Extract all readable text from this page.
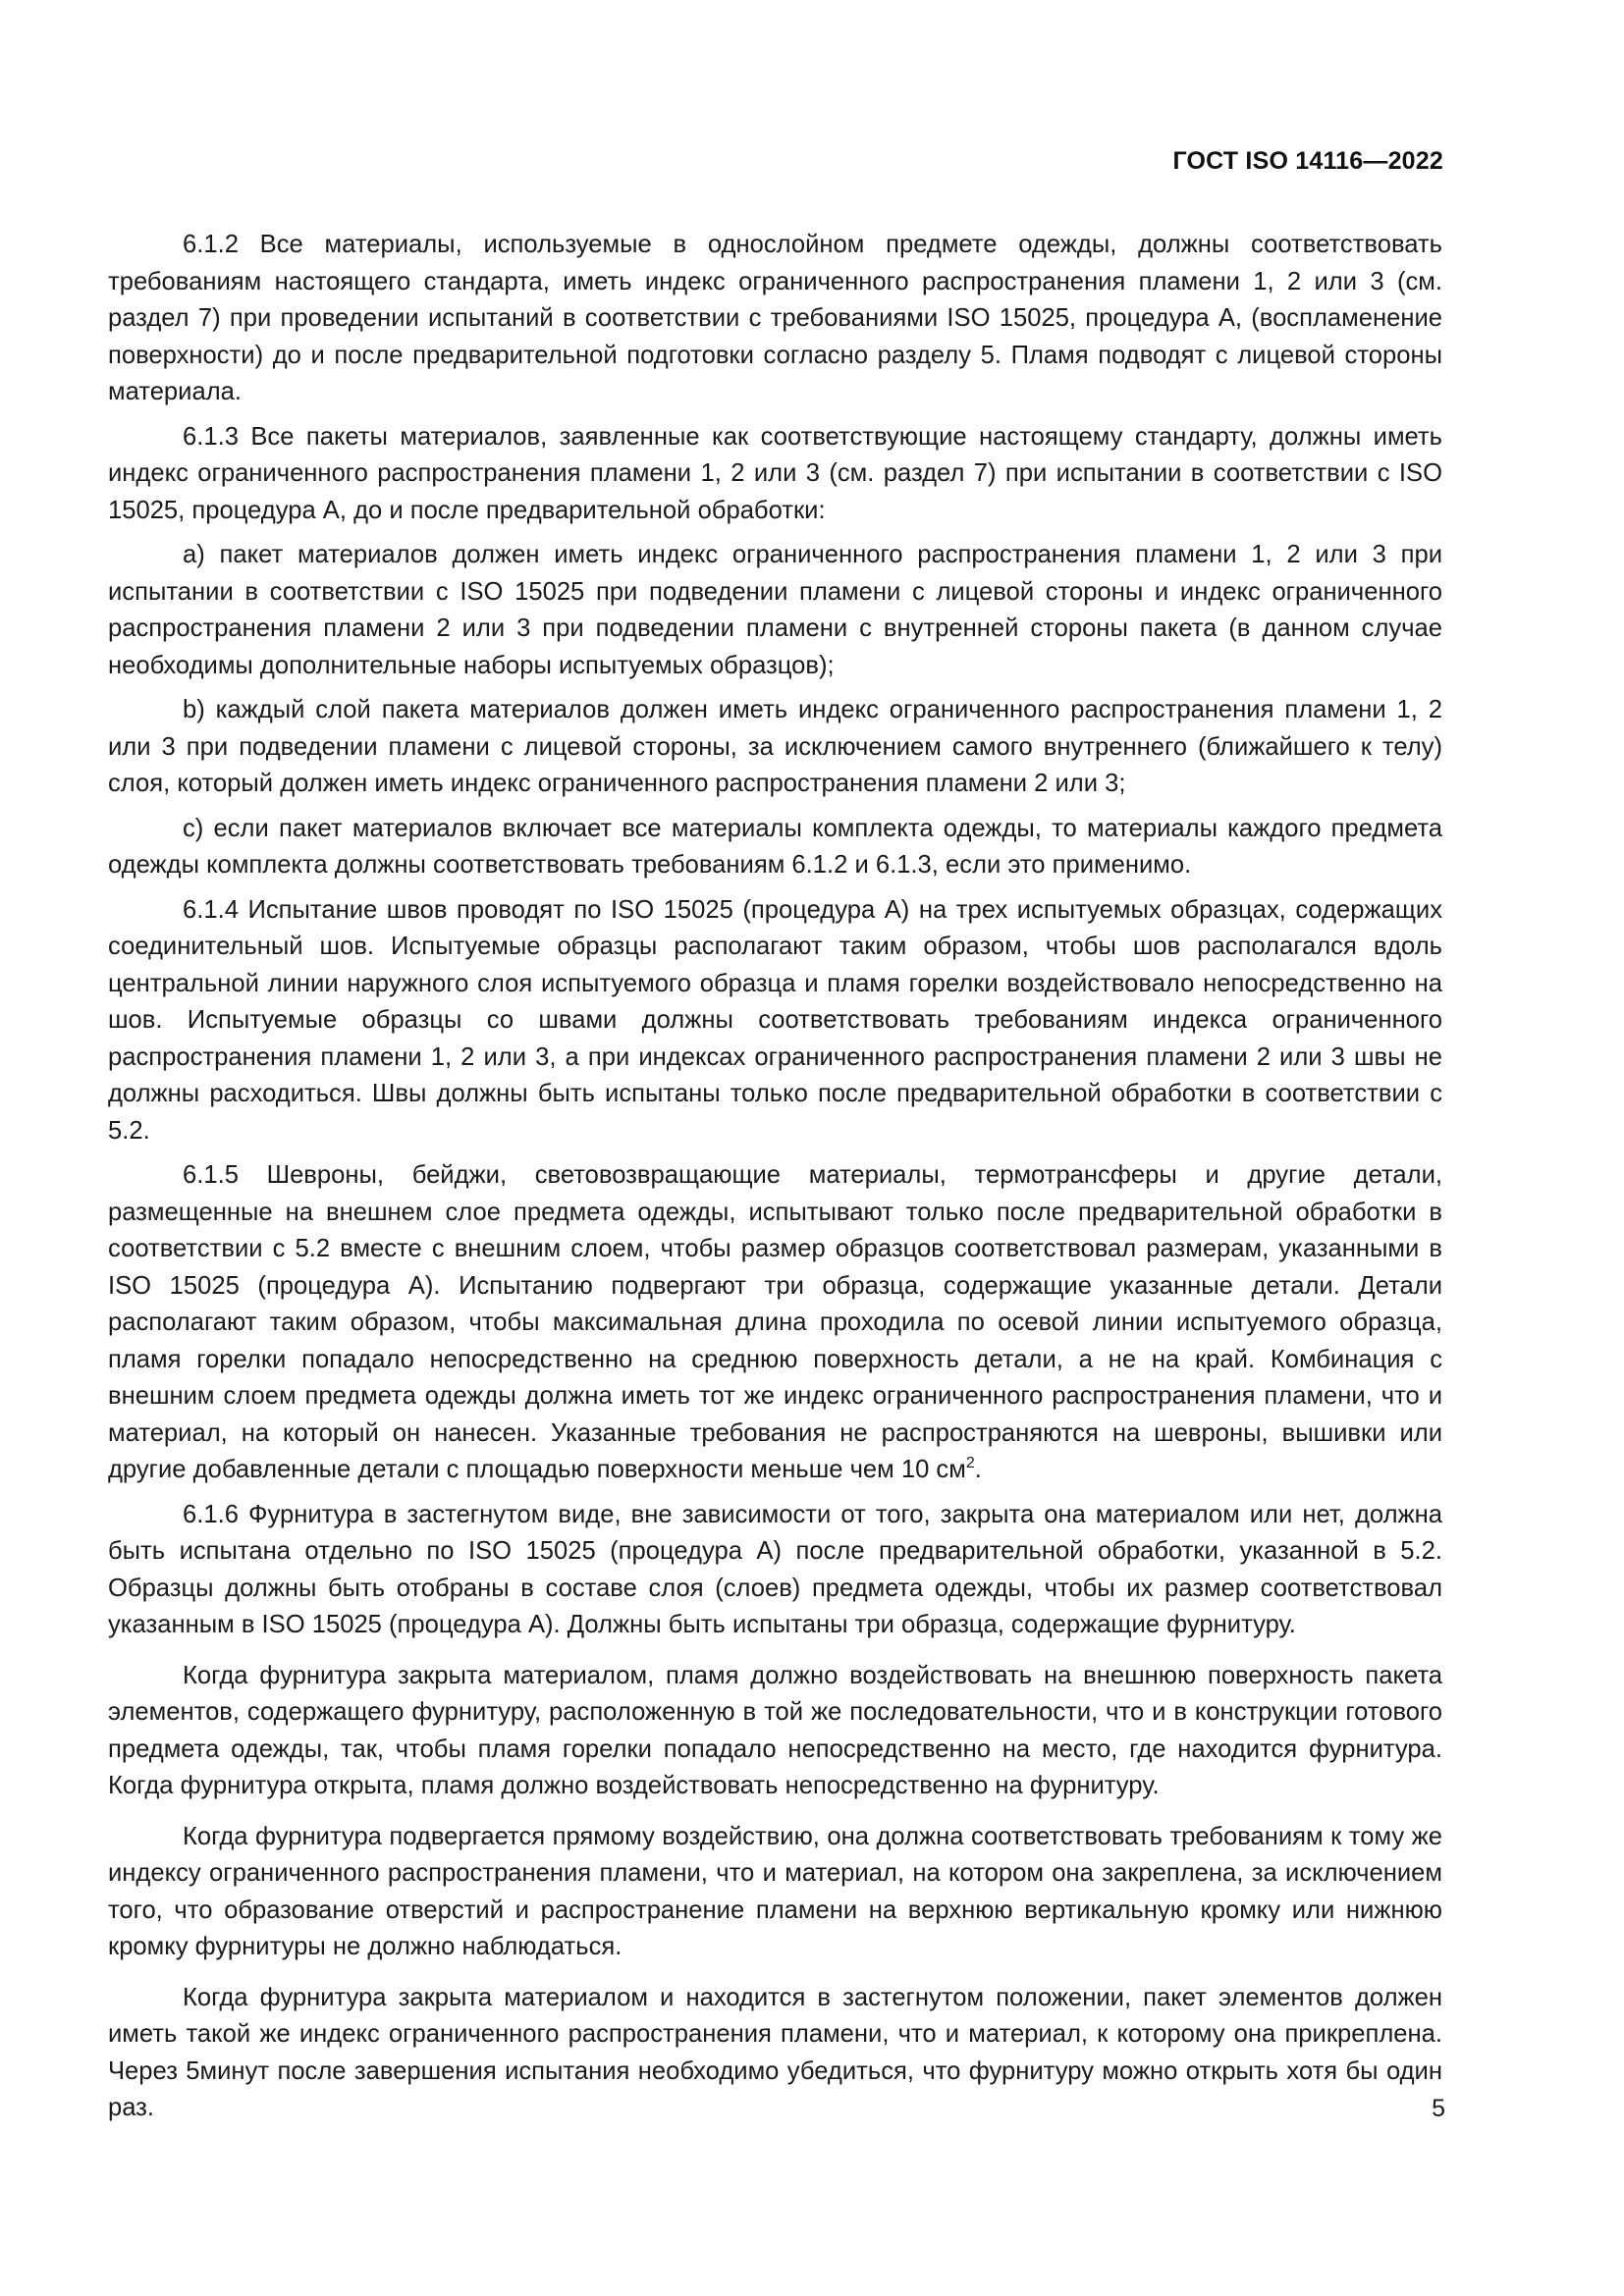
ГОСТ ISO 14116—2022

6.1.2 Все материалы, используемые в однослойном предмете одежды, должны соответствовать требованиям настоящего стандарта, иметь индекс ограниченного распространения пламени 1, 2 или 3 (см. раздел 7) при проведении испытаний в соответствии с требованиями ISO 15025, процедура А, (воспламенение поверхности) до и после предварительной подготовки согласно разделу 5. Пламя подводят с лицевой стороны материала.

6.1.3 Все пакеты материалов, заявленные как соответствующие настоящему стандарту, должны иметь индекс ограниченного распространения пламени 1, 2 или 3 (см. раздел 7) при испытании в соответствии с ISO 15025, процедура А, до и после предварительной обработки:

a) пакет материалов должен иметь индекс ограниченного распространения пламени 1, 2 или 3 при испытании в соответствии с ISO 15025 при подведении пламени с лицевой стороны и индекс ограниченного распространения пламени 2 или 3 при подведении пламени с внутренней стороны пакета (в данном случае необходимы дополнительные наборы испытуемых образцов);

b) каждый слой пакета материалов должен иметь индекс ограниченного распространения пламени 1, 2 или 3 при подведении пламени с лицевой стороны, за исключением самого внутреннего (ближайшего к телу) слоя, который должен иметь индекс ограниченного распространения пламени 2 или 3;

c) если пакет материалов включает все материалы комплекта одежды, то материалы каждого предмета одежды комплекта должны соответствовать требованиям 6.1.2 и 6.1.3, если это применимо.

6.1.4 Испытание швов проводят по ISO 15025 (процедура А) на трех испытуемых образцах, содержащих соединительный шов. Испытуемые образцы располагают таким образом, чтобы шов располагался вдоль центральной линии наружного слоя испытуемого образца и пламя горелки воздействовало непосредственно на шов. Испытуемые образцы со швами должны соответствовать требованиям индекса ограниченного распространения пламени 1, 2 или 3, а при индексах ограниченного распространения пламени 2 или 3 швы не должны расходиться. Швы должны быть испытаны только после предварительной обработки в соответствии с 5.2.

6.1.5 Шевроны, бейджи, световозвращающие материалы, термотрансферы и другие детали, размещенные на внешнем слое предмета одежды, испытывают только после предварительной обработки в соответствии с 5.2 вместе с внешним слоем, чтобы размер образцов соответствовал размерам, указанными в ISO 15025 (процедура А). Испытанию подвергают три образца, содержащие указанные детали. Детали располагают таким образом, чтобы максимальная длина проходила по осевой линии испытуемого образца, пламя горелки попадало непосредственно на среднюю поверхность детали, а не на край. Комбинация с внешним слоем предмета одежды должна иметь тот же индекс ограниченного распространения пламени, что и материал, на который он нанесен. Указанные требования не распространяются на шевроны, вышивки или другие добавленные детали с площадью поверхности меньше чем 10 $см^2$.

6.1.6 Фурнитура в застегнутом виде, вне зависимости от того, закрыта она материалом или нет, должна быть испытана отдельно по ISO 15025 (процедура А) после предварительной обработки, указанной в 5.2. Образцы должны быть отобраны в составе слоя (слоев) предмета одежды, чтобы их размер соответствовал указанным в ISO 15025 (процедура А). Должны быть испытаны три образца, содержащие фурнитуру.

Когда фурнитура закрыта материалом, пламя должно воздействовать на внешнюю поверхность пакета элементов, содержащего фурнитуру, расположенную в той же последовательности, что и в конструкции готового предмета одежды, так, чтобы пламя горелки попадало непосредственно на место, где находится фурнитура. Когда фурнитура открыта, пламя должно воздействовать непосредственно на фурнитуру.

Когда фурнитура подвергается прямому воздействию, она должна соответствовать требованиям к тому же индексу ограниченного распространения пламени, что и материал, на котором она закреплена, за исключением того, что образование отверстий и распространение пламени на верхнюю вертикальную кромку или нижнюю кромку фурнитуры не должно наблюдаться.

Когда фурнитура закрыта материалом и находится в застегнутом положении, пакет элементов должен иметь такой же индекс ограниченного распространения пламени, что и материал, к которому она прикреплена. Через 5минут после завершения испытания необходимо убедиться, что фурнитуру можно открыть хотя бы один раз.	5
